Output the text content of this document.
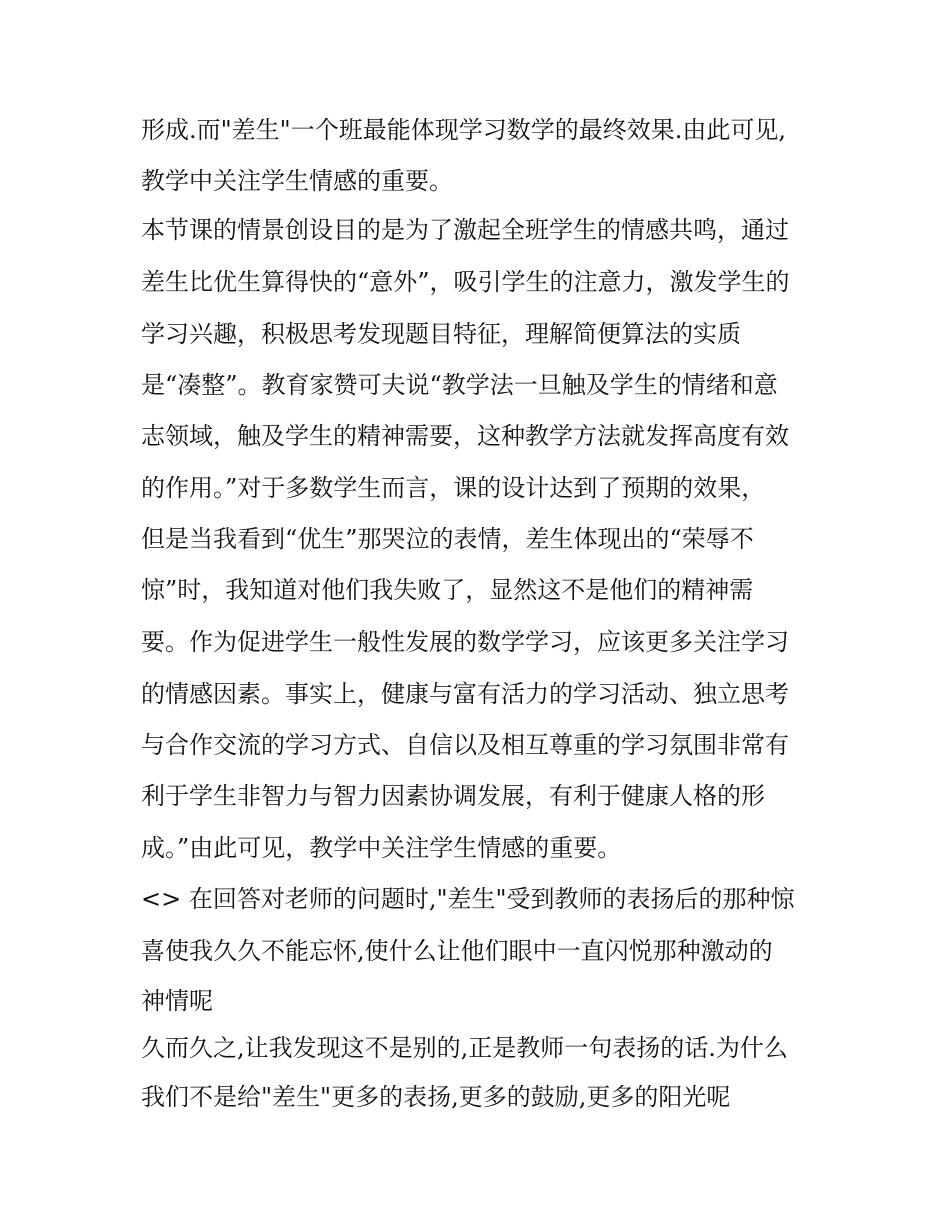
形成.而"差生"一个班最能体现学习数学的最终效果.由此可见,
教学中关注学生情感的重要。
本节课的情景创设目的是为了激起全班学生的情感共鸣，通过
差生比优生算得快的“意外”，吸引学生的注意力，激发学生的
学习兴趣，积极思考发现题目特征，理解简便算法的实质
是“凑整”。教育家赞可夫说“教学法一旦触及学生的情绪和意
志领域，触及学生的精神需要，这种教学方法就发挥高度有效
的作用。”对于多数学生而言，课的设计达到了预期的效果，
但是当我看到“优生”那哭泣的表情，差生体现出的“荣辱不
惊”时，我知道对他们我失败了，显然这不是他们的精神需
要。作为促进学生一般性发展的数学学习，应该更多关注学习
的情感因素。事实上，健康与富有活力的学习活动、独立思考
与合作交流的学习方式、自信以及相互尊重的学习氛围非常有
利于学生非智力与智力因素协调发展，有利于健康人格的形
成。”由此可见，教学中关注学生情感的重要。
<> 在回答对老师的问题时,"差生"受到教师的表扬后的那种惊
喜使我久久不能忘怀,使什么让他们眼中一直闪悦那种激动的
神情呢
久而久之,让我发现这不是别的,正是教师一句表扬的话.为什么
我们不是给"差生"更多的表扬,更多的鼓励,更多的阳光呢
